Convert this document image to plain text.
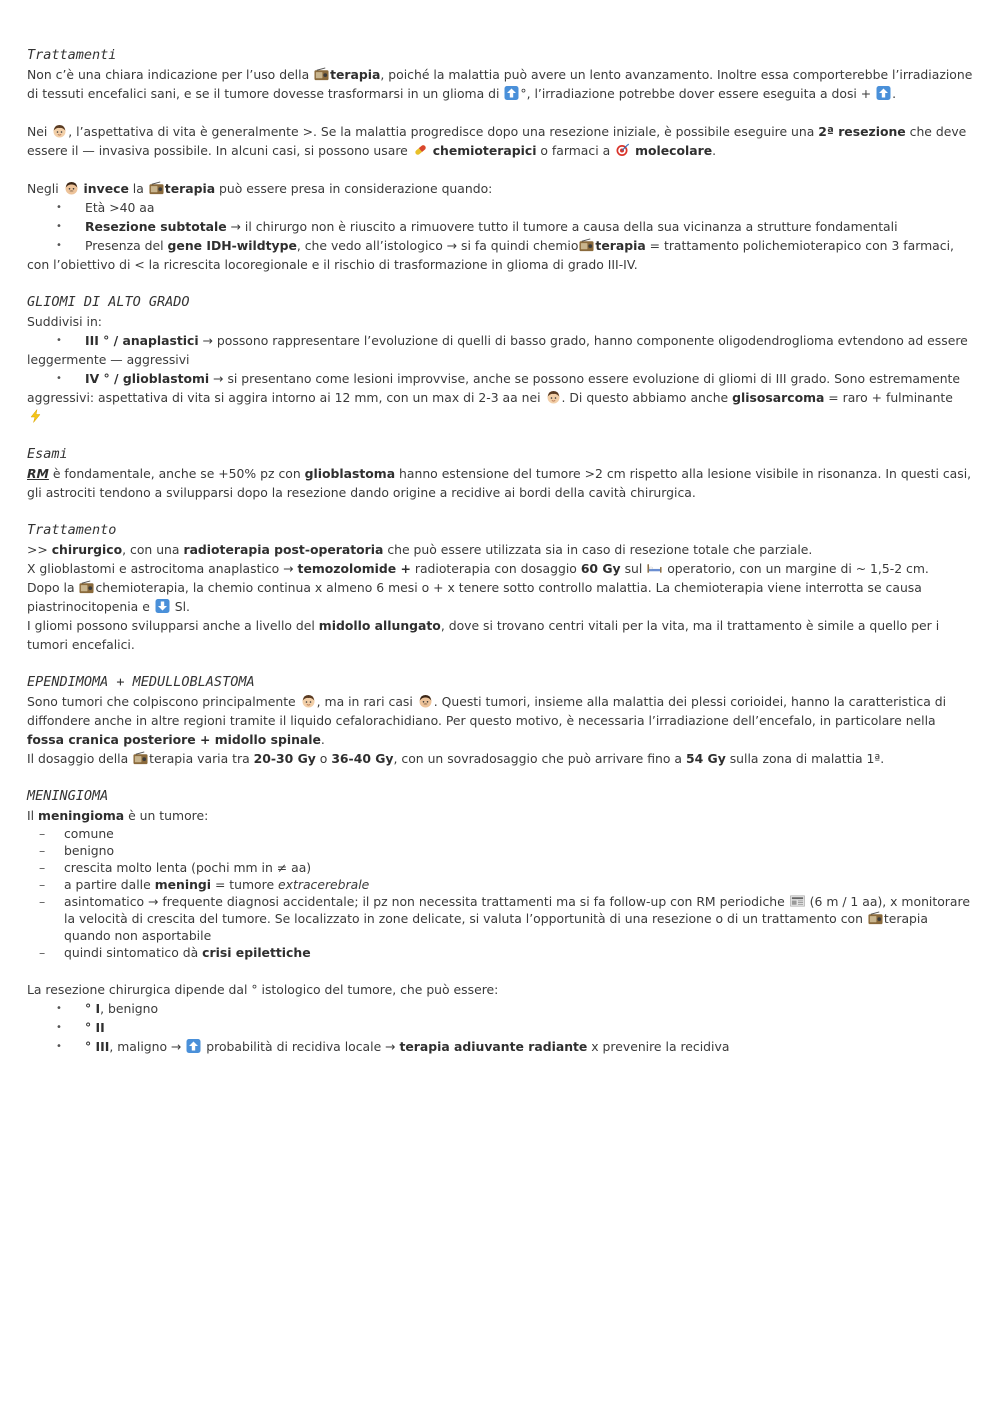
Trattamenti

Non c’è una chiara indicazione per l’uso della terapia, poiché la malattia può avere un lento avanzamento. Inoltre essa comporterebbe l’irradiazione di tessuti encefalici sani, e se il tumore dovesse trasformarsi in un glioma di °, l’irradiazione potrebbe dover essere eseguita a dosi + .

Nei , l’aspettativa di vita è generalmente >. Se la malattia progredisce dopo una resezione iniziale, è possibile eseguire una 2ª resezione che deve essere il — invasiva possibile. In alcuni casi, si possono usare  chemioterapici o farmaci a  molecolare.

Negli  invece la terapia può essere presa in considerazione quando:

• Età >40 aa
• Resezione subtotale → il chirurgo non è riuscito a rimuovere tutto il tumore a causa della sua vicinanza a strutture fondamentali
• Presenza del gene IDH-wildtype, che vedo all’istologico → si fa quindi chemio terapia = trattamento polichemioterapico con 3 farmaci, con l’obiettivo di < la ricrescita locoregionale e il rischio di trasformazione in glioma di grado III-IV.
GLIOMI DI ALTO GRADO

Suddivisi in:

• III ° / anaplastici → possono rappresentare l’evoluzione di quelli di basso grado, hanno componente oligodendroglioma evtendono ad essere leggermente — aggressivi
• IV ° / glioblastomi → si presentano come lesioni improvvise, anche se possono essere evoluzione di gliomi di III grado. Sono estremamente aggressivi: aspettativa di vita si aggira intorno ai 12 mm, con un max di 2-3 aa nei . Di questo abbiamo anche glisosarcoma = raro + fulminante
Esami

RM è fondamentale, anche se +50% pz con glioblastoma hanno estensione del tumore >2 cm rispetto alla lesione visibile in risonanza. In questi casi, gli astrociti tendono a svilupparsi dopo la resezione dando origine a recidive ai bordi della cavità chirurgica.

Trattamento

>> chirurgico, con una radioterapia post-operatoria che può essere utilizzata sia in caso di resezione totale che parziale.

X glioblastomi e astrocitoma anaplastico → temozolomide + radioterapia con dosaggio 60 Gy sul  operatorio, con un margine di ~ 1,5-2 cm.

Dopo la chemioterapia, la chemio continua x almeno 6 mesi o + x tenere sotto controllo malattia. La chemioterapia viene interrotta se causa piastrinocitopenia e  Sl.

I gliomi possono svilupparsi anche a livello del midollo allungato, dove si trovano centri vitali per la vita, ma il trattamento è simile a quello per i tumori encefalici.

EPENDIMOMA + MEDULLOBLASTOMA

Sono tumori che colpiscono principalmente , ma in rari casi . Questi tumori, insieme alla malattia dei plessi corioidei, hanno la caratteristica di diffondere anche in altre regioni tramite il liquido cefalorachidiano. Per questo motivo, è necessaria l’irradiazione dell’encefalo, in particolare nella fossa cranica posteriore + midollo spinale.

Il dosaggio della terapia varia tra 20-30 Gy o 36-40 Gy, con un sovradosaggio che può arrivare fino a 54 Gy sulla zona di malattia 1ª.

MENINGIOMA

Il meningioma è un tumore:

– comune
– benigno
– crescita molto lenta (pochi mm in ≠ aa)
– a partire dalle meningi = tumore extracerebrale
– asintomatico → frequente diagnosi accidentale; il pz non necessita trattamenti ma si fa follow-up con RM periodiche  (6 m / 1 aa), x monitorare la velocità di crescita del tumore. Se localizzato in zone delicate, si valuta l’opportunità di una resezione o di un trattamento con terapia quando non asportabile
– quindi sintomatico dà crisi epilettiche

La resezione chirurgica dipende dal ° istologico del tumore, che può essere:

• ° I, benigno
• ° II
• ° III, maligno →  probabilità di recidiva locale → terapia adiuvante radiante x prevenire la recidiva
